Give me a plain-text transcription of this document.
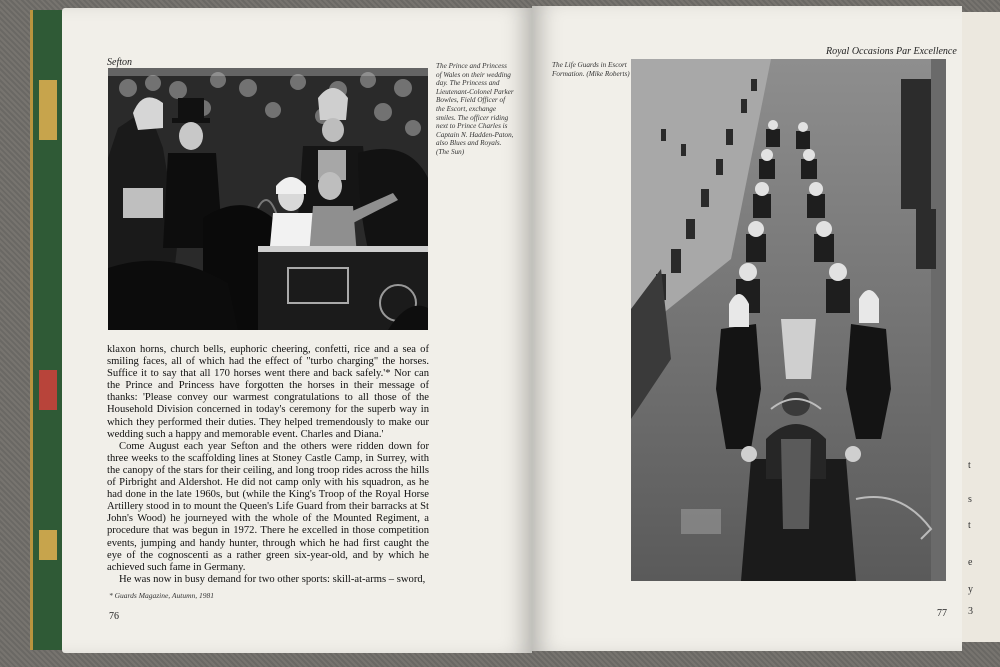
t
s
t
e
y
3
Sefton	The Prince and Princess of Wales on their wedding day. The Princess and Lieutenant-Colonel Parker Bowles, Field Officer of the Escort, exchange smiles. The officer riding next to Prince Charles is Captain N. Hadden-Paton, also Blues and Royals. (The Sun)

klaxon horns, church bells, euphoric cheering, confetti, rice and a sea of smiling faces, all of which had the effect of "turbo charging" the horses. Suffice it to say that all 170 horses went there and back safely.'* Nor can the Prince and Princess have forgotten the horses in their message of thanks: 'Please convey our warmest congratulations to all those of the Household Division concerned in today's ceremony for the superb way in which they performed their duties. They helped tremendously to make our wedding such a happy and memorable event. Charles and Diana.'

Come August each year Sefton and the others were ridden down for three weeks to the scaffolding lines at Stoney Castle Camp, in Surrey, with the canopy of the stars for their ceiling, and long troop rides across the hills of Pirbright and Aldershot. He did not camp only with his squadron, as he had done in the late 1960s, but (while the King's Troop of the Royal Horse Artillery stood in to mount the Queen's Life Guard from their barracks at St John's Wood) he journeyed with the whole of the Mounted Regiment, a procedure that was begun in 1972. There he excelled in those competition events, jumping and handy hunter, through which he had first caught the eye of the cognoscenti as a rather green six-year-old, and by which he achieved such fame in Germany.

He was now in busy demand for two other sports: skill-at-arms – sword,

* Guards Magazine, Autumn, 1981
76
Royal Occasions Par Excellence
The Life Guards in Escort Formation. (Mike Roberts)
77
